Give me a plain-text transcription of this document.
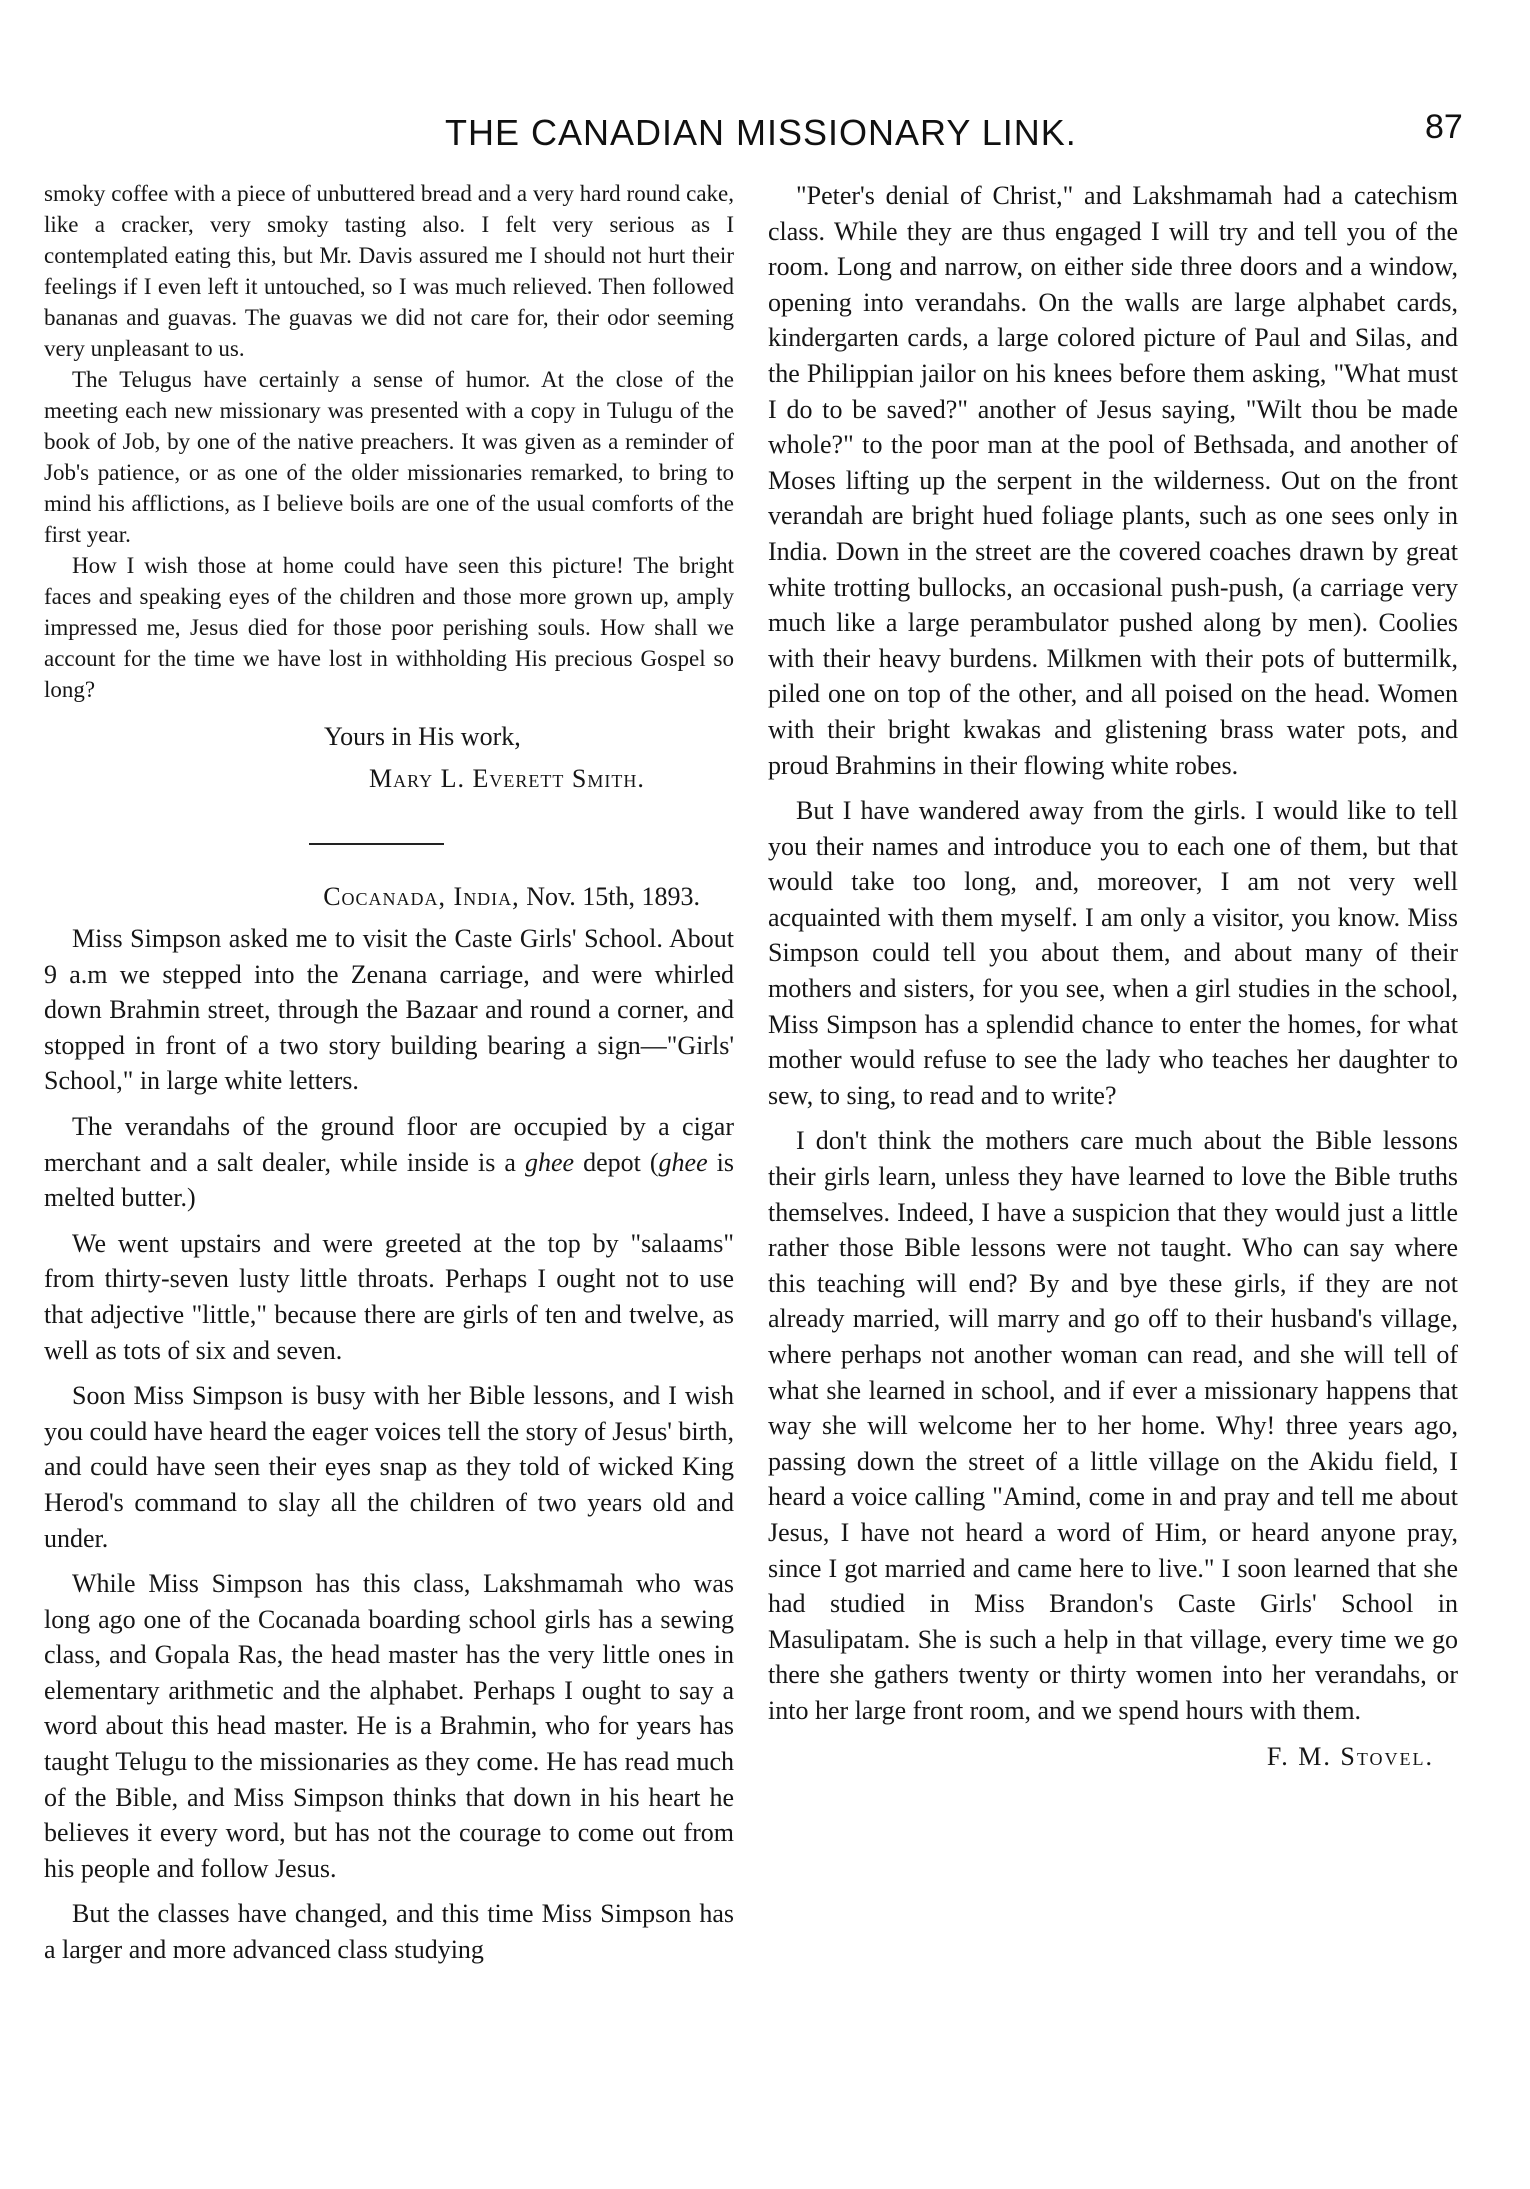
THE CANADIAN MISSIONARY LINK.	87

smoky coffee with a piece of unbuttered bread and a very hard round cake, like a cracker, very smoky tasting also. I felt very serious as I contemplated eating this, but Mr. Davis assured me I should not hurt their feelings if I even left it untouched, so I was much relieved. Then followed bananas and guavas. The guavas we did not care for, their odor seeming very unpleasant to us.

The Telugus have certainly a sense of humor. At the close of the meeting each new missionary was presented with a copy in Tulugu of the book of Job, by one of the native preachers. It was given as a reminder of Job's patience, or as one of the older missionaries remarked, to bring to mind his afflictions, as I believe boils are one of the usual comforts of the first year.

How I wish those at home could have seen this picture! The bright faces and speaking eyes of the children and those more grown up, amply impressed me, Jesus died for those poor perishing souls. How shall we account for the time we have lost in withholding His precious Gospel so long?

Yours in His work,
Mary L. Everett Smith.
Cocanada, India, Nov. 15th, 1893.

Miss Simpson asked me to visit the Caste Girls' School. About 9 a.m we stepped into the Zenana carriage, and were whirled down Brahmin street, through the Bazaar and round a corner, and stopped in front of a two story building bearing a sign—"Girls' School," in large white letters.

The verandahs of the ground floor are occupied by a cigar merchant and a salt dealer, while inside is a ghee depot (ghee is melted butter.)

We went upstairs and were greeted at the top by "salaams" from thirty-seven lusty little throats. Perhaps I ought not to use that adjective "little," because there are girls of ten and twelve, as well as tots of six and seven.

Soon Miss Simpson is busy with her Bible lessons, and I wish you could have heard the eager voices tell the story of Jesus' birth, and could have seen their eyes snap as they told of wicked King Herod's command to slay all the children of two years old and under.

While Miss Simpson has this class, Lakshmamah who was long ago one of the Cocanada boarding school girls has a sewing class, and Gopala Ras, the head master has the very little ones in elementary arithmetic and the alphabet. Perhaps I ought to say a word about this head master. He is a Brahmin, who for years has taught Telugu to the missionaries as they come. He has read much of the Bible, and Miss Simpson thinks that down in his heart he believes it every word, but has not the courage to come out from his people and follow Jesus.

But the classes have changed, and this time Miss Simpson has a larger and more advanced class studying

"Peter's denial of Christ," and Lakshmamah had a catechism class. While they are thus engaged I will try and tell you of the room. Long and narrow, on either side three doors and a window, opening into verandahs. On the walls are large alphabet cards, kindergarten cards, a large colored picture of Paul and Silas, and the Philippian jailor on his knees before them asking, "What must I do to be saved?" another of Jesus saying, "Wilt thou be made whole?" to the poor man at the pool of Bethsada, and another of Moses lifting up the serpent in the wilderness. Out on the front verandah are bright hued foliage plants, such as one sees only in India. Down in the street are the covered coaches drawn by great white trotting bullocks, an occasional push-push, (a carriage very much like a large perambulator pushed along by men). Coolies with their heavy burdens. Milkmen with their pots of buttermilk, piled one on top of the other, and all poised on the head. Women with their bright kwakas and glistening brass water pots, and proud Brahmins in their flowing white robes.

But I have wandered away from the girls. I would like to tell you their names and introduce you to each one of them, but that would take too long, and, moreover, I am not very well acquainted with them myself. I am only a visitor, you know. Miss Simpson could tell you about them, and about many of their mothers and sisters, for you see, when a girl studies in the school, Miss Simpson has a splendid chance to enter the homes, for what mother would refuse to see the lady who teaches her daughter to sew, to sing, to read and to write?

I don't think the mothers care much about the Bible lessons their girls learn, unless they have learned to love the Bible truths themselves. Indeed, I have a suspicion that they would just a little rather those Bible lessons were not taught. Who can say where this teaching will end? By and bye these girls, if they are not already married, will marry and go off to their husband's village, where perhaps not another woman can read, and she will tell of what she learned in school, and if ever a missionary happens that way she will welcome her to her home. Why! three years ago, passing down the street of a little village on the Akidu field, I heard a voice calling "Amind, come in and pray and tell me about Jesus, I have not heard a word of Him, or heard anyone pray, since I got married and came here to live." I soon learned that she had studied in Miss Brandon's Caste Girls' School in Masulipatam. She is such a help in that village, every time we go there she gathers twenty or thirty women into her verandahs, or into her large front room, and we spend hours with them.

F. M. Stovel.
